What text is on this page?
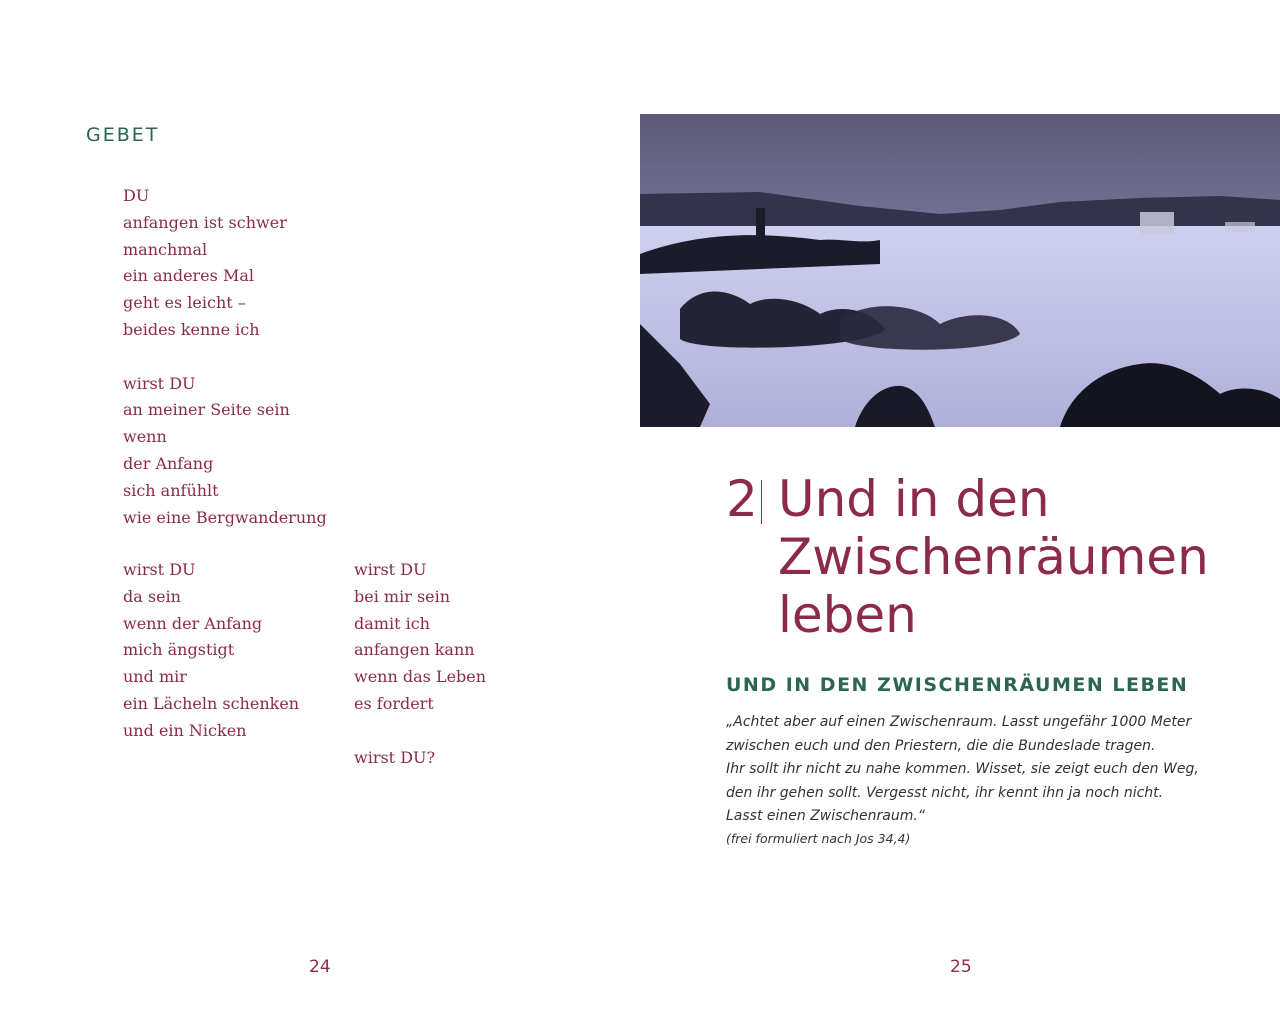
GEBET
DU
anfangen ist schwer
manchmal
ein anderes Mal
geht es leicht –
beides kenne ich
wirst DU
an meiner Seite sein
wenn
der Anfang
sich anfühlt
wie eine Bergwanderung
wirst DU
da sein
wenn der Anfang
mich ängstigt
und mir
ein Lächeln schenken
und ein Nicken
wirst DU
bei mir sein
damit ich
anfangen kann
wenn das Leben
es fordert
wirst DU?
24
2 Und in den
Zwischenräumen
leben
UND IN DEN ZWISCHENRÄUMEN LEBEN
„Achtet aber auf einen Zwischenraum. Lasst ungefähr 1000 Meter
zwischen euch und den Priestern, die die Bundeslade tragen.
Ihr sollt ihr nicht zu nahe kommen. Wisset, sie zeigt euch den Weg,
den ihr gehen sollt. Vergesst nicht, ihr kennt ihn ja noch nicht.
Lasst einen Zwischenraum.“
(frei formuliert nach Jos 34,4)
25
